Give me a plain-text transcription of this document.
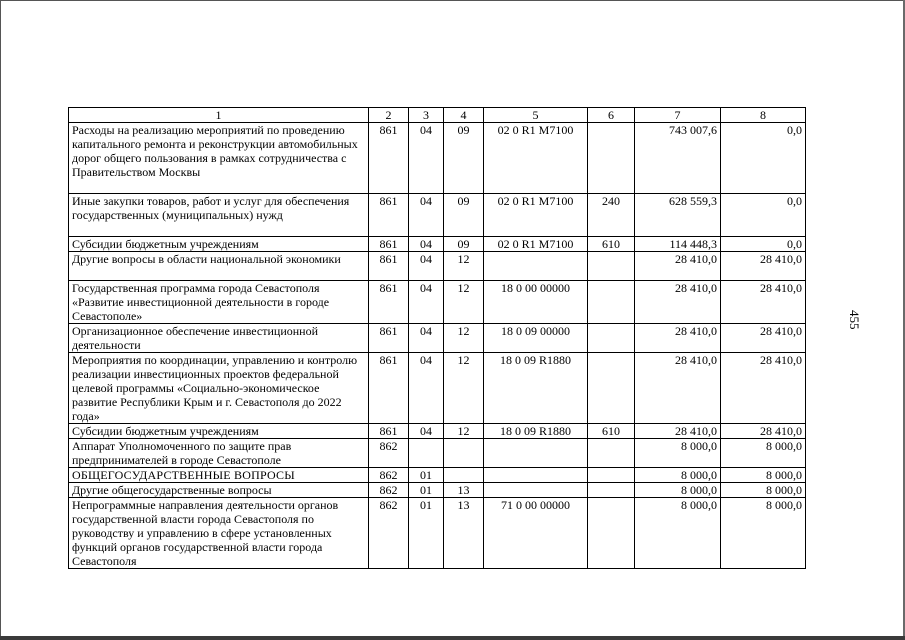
455
1	2	3	4	5	6	7	8
Расходы на реализацию мероприятий по проведению капитального ремонта и реконструкции автомобильных дорог общего пользования в рамках сотрудничества с Правительством Москвы	861	04	09	02 0 R1 M7100		743 007,6	0,0
Иные закупки товаров, работ и услуг для обеспечения государственных (муниципальных) нужд	861	04	09	02 0 R1 M7100	240	628 559,3	0,0
Субсидии бюджетным учреждениям	861	04	09	02 0 R1 M7100	610	114 448,3	0,0
Другие вопросы в области национальной экономики	861	04	12			28 410,0	28 410,0
Государственная программа города Севастополя «Развитие инвестиционной деятельности в городе Севастополе»	861	04	12	18 0 00 00000		28 410,0	28 410,0
Организационное обеспечение инвестиционной деятельности	861	04	12	18 0 09 00000		28 410,0	28 410,0
Мероприятия по координации, управлению и контролю реализации инвестиционных проектов федеральной целевой программы «Социально-экономическое развитие Республики Крым и г. Севастополя до 2022 года»	861	04	12	18 0 09 R1880		28 410,0	28 410,0
Субсидии бюджетным учреждениям	861	04	12	18 0 09 R1880	610	28 410,0	28 410,0
Аппарат Уполномоченного по защите прав предпринимателей в городе Севастополе	862					8 000,0	8 000,0
ОБЩЕГОСУДАРСТВЕННЫЕ ВОПРОСЫ	862	01				8 000,0	8 000,0
Другие общегосударственные вопросы	862	01	13			8 000,0	8 000,0
Непрограммные направления деятельности органов государственной власти города Севастополя по руководству и управлению в сфере установленных функций органов государственной власти города Севастополя	862	01	13	71 0 00 00000		8 000,0	8 000,0
